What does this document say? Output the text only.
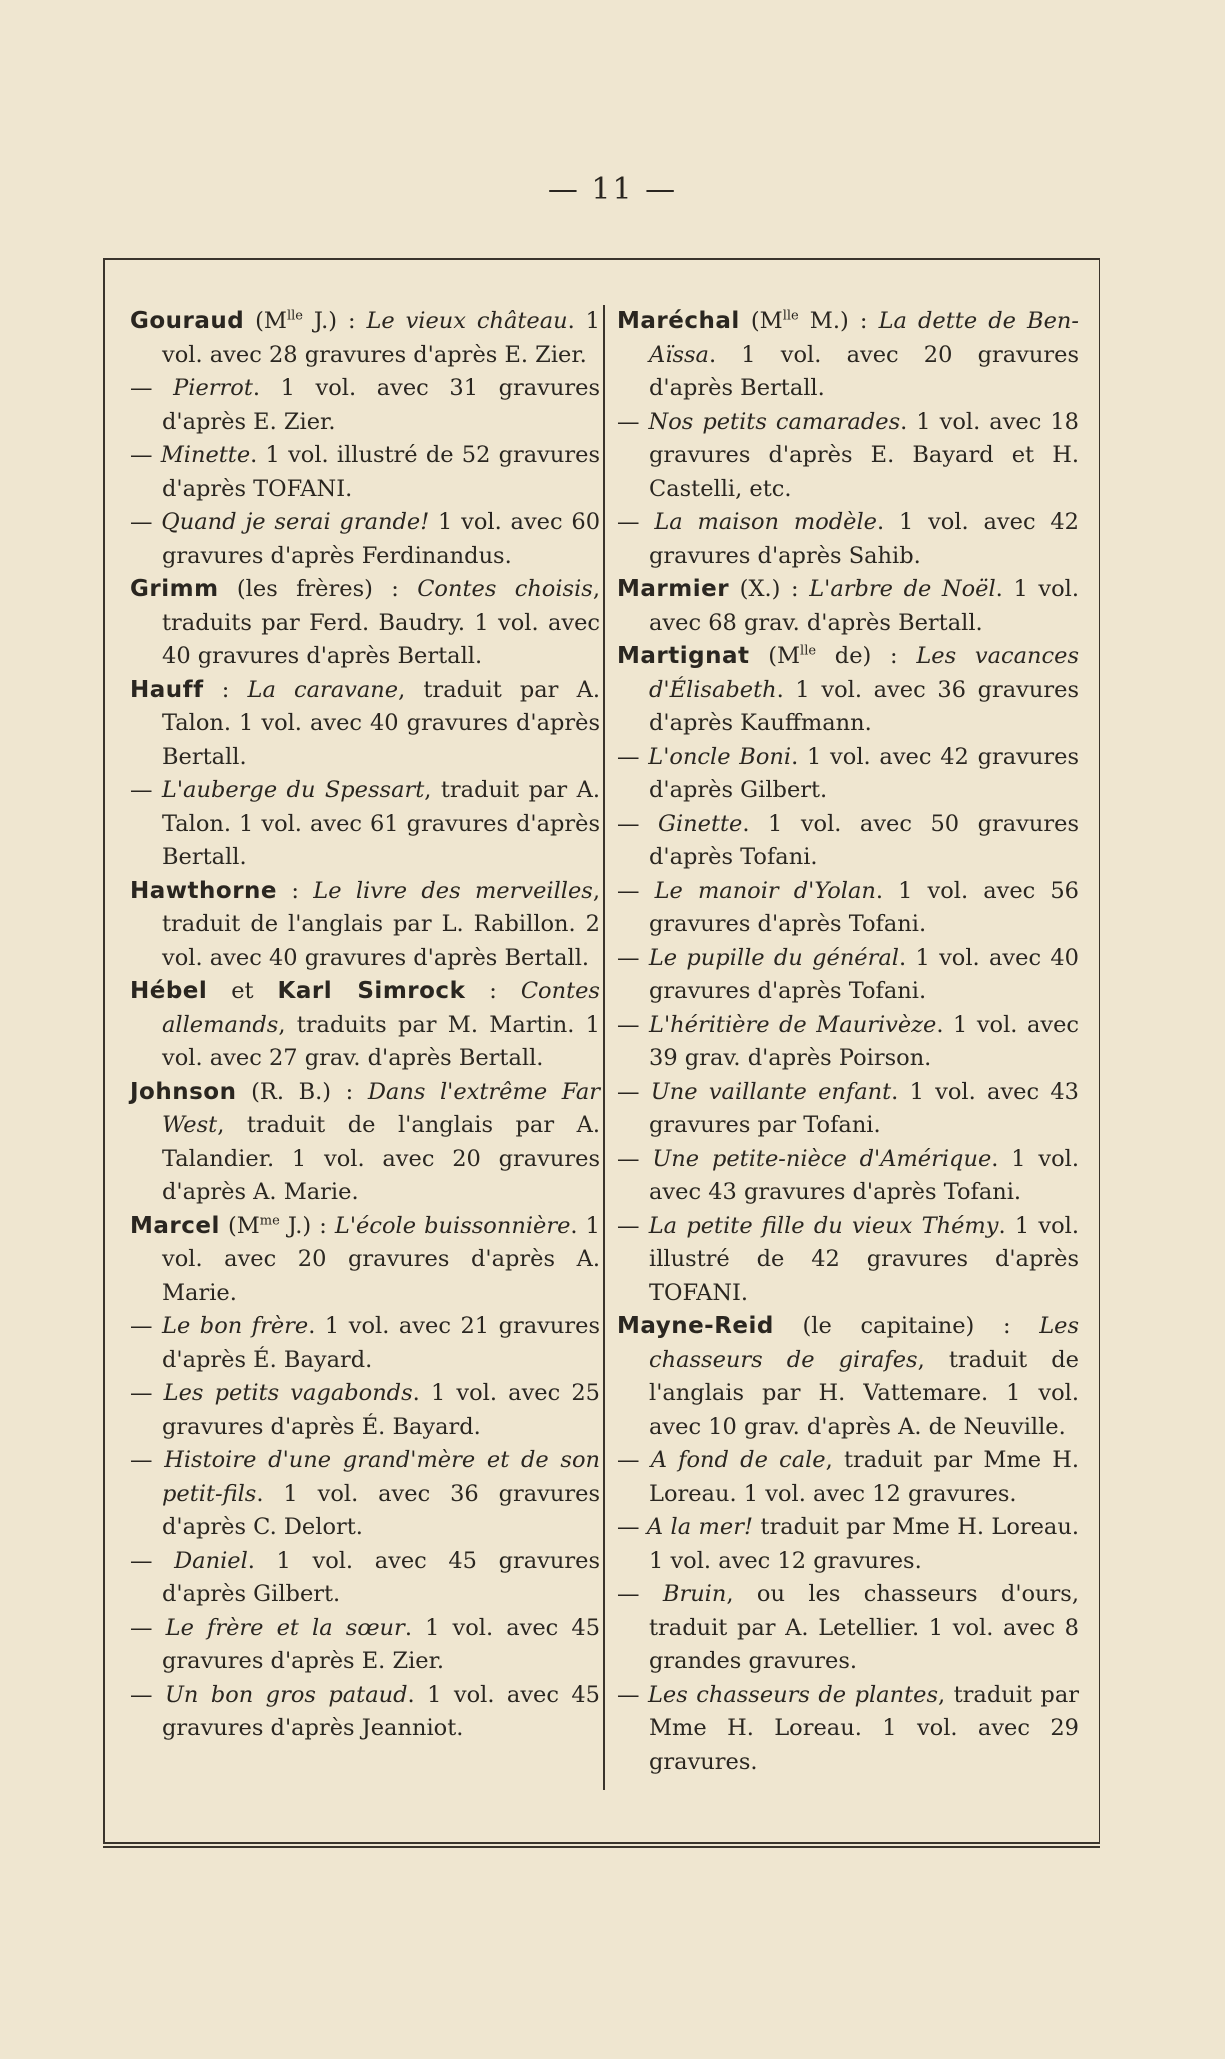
— 11 —

Gouraud ($M^{lle}$ J.) : Le vieux château. 1 vol. avec 28 gravures d'après E. Zier.

— Pierrot. 1 vol. avec 31 gravures d'après E. Zier.

— Minette. 1 vol. illustré de 52 gravures d'après TOFANI.

— Quand je serai grande! 1 vol. avec 60 gravures d'après Ferdinandus.

Grimm (les frères) : Contes choisis, traduits par Ferd. Baudry. 1 vol. avec 40 gravures d'après Bertall.

Hauff : La caravane, traduit par A. Talon. 1 vol. avec 40 gravures d'après Bertall.

— L'auberge du Spessart, traduit par A. Talon. 1 vol. avec 61 gravures d'après Bertall.

Hawthorne : Le livre des merveilles, traduit de l'anglais par L. Rabillon. 2 vol. avec 40 gravures d'après Bertall.

Hébel et Karl Simrock : Contes allemands, traduits par M. Martin. 1 vol. avec 27 grav. d'après Bertall.

Johnson (R. B.) : Dans l'extrême Far West, traduit de l'anglais par A. Talandier. 1 vol. avec 20 gravures d'après A. Marie.

Marcel ($M^{me}$ J.) : L'école buissonnière. 1 vol. avec 20 gravures d'après A. Marie.

— Le bon frère. 1 vol. avec 21 gravures d'après É. Bayard.

— Les petits vagabonds. 1 vol. avec 25 gravures d'après É. Bayard.

— Histoire d'une grand'mère et de son petit-fils. 1 vol. avec 36 gravures d'après C. Delort.

— Daniel. 1 vol. avec 45 gravures d'après Gilbert.

— Le frère et la sœur. 1 vol. avec 45 gravures d'après E. Zier.

— Un bon gros pataud. 1 vol. avec 45 gravures d'après Jeanniot.

Maréchal ($M^{lle}$ M.) : La dette de Ben-Aïssa. 1 vol. avec 20 gravures d'après Bertall.

— Nos petits camarades. 1 vol. avec 18 gravures d'après E. Bayard et H. Castelli, etc.

— La maison modèle. 1 vol. avec 42 gravures d'après Sahib.

Marmier (X.) : L'arbre de Noël. 1 vol. avec 68 grav. d'après Bertall.

Martignat ($M^{lle}$ de) : Les vacances d'Élisabeth. 1 vol. avec 36 gravures d'après Kauffmann.

— L'oncle Boni. 1 vol. avec 42 gravures d'après Gilbert.

— Ginette. 1 vol. avec 50 gravures d'après Tofani.

— Le manoir d'Yolan. 1 vol. avec 56 gravures d'après Tofani.

— Le pupille du général. 1 vol. avec 40 gravures d'après Tofani.

— L'héritière de Maurivèze. 1 vol. avec 39 grav. d'après Poirson.

— Une vaillante enfant. 1 vol. avec 43 gravures par Tofani.

— Une petite-nièce d'Amérique. 1 vol. avec 43 gravures d'après Tofani.

— La petite fille du vieux Thémy. 1 vol. illustré de 42 gravures d'après TOFANI.

Mayne-Reid (le capitaine) : Les chasseurs de girafes, traduit de l'anglais par H. Vattemare. 1 vol. avec 10 grav. d'après A. de Neuville.

— A fond de cale, traduit par Mme H. Loreau. 1 vol. avec 12 gravures.

— A la mer! traduit par Mme H. Loreau. 1 vol. avec 12 gravures.

— Bruin, ou les chasseurs d'ours, traduit par A. Letellier. 1 vol. avec 8 grandes gravures.

— Les chasseurs de plantes, traduit par Mme H. Loreau. 1 vol. avec 29 gravures.
